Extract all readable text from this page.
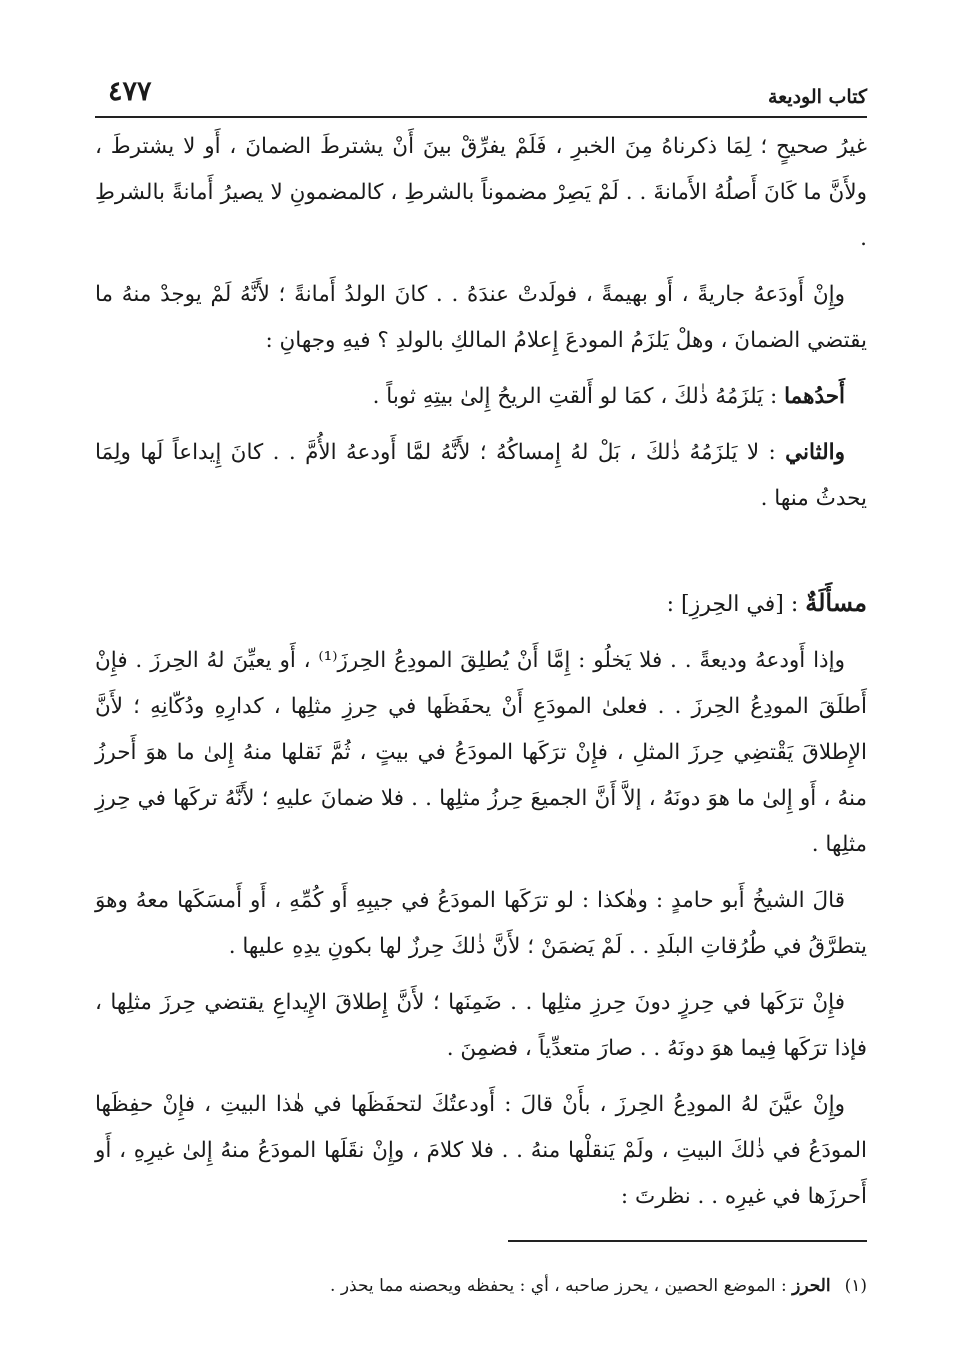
كتاب الوديعة
٤٧٧

غيرُ صحيحٍ ؛ لِمَا ذكرناهُ مِنَ الخبرِ ، فَلَمْ يفرِّقْ بينَ أَنْ يشترطَ الضمانَ ، أَو لا يشترطَ ، ولأَنَّ ما كَانَ أَصلُهُ الأَمانةَ . . لَمْ يَصِرْ مضموناً بالشرطِ ، كالمضمونِ لا يصيرُ أَمانةً بالشرطِ .

وإِنْ أَودَعهُ جاريةً ، أَو بهيمةً ، فولَدتْ عندَهُ . . كانَ الولدُ أَمانةً ؛ لأَنَّهُ لَمْ يوجدْ منهُ ما يقتضي الضمانَ ، وهلْ يَلزَمُ المودعَ إِعلامُ المالكِ بالولدِ ؟ فيهِ وجهانِ :

أَحدُهما : يَلزَمُهُ ذٰلكَ ، كمَا لو أَلقتِ الريحُ إِلىٰ بيتِهِ ثوباً .

والثاني : لا يَلزَمُهُ ذٰلكَ ، بَلْ لهُ إِمساكُهُ ؛ لأَنَّهُ لمَّا أَودعهُ الأُمَّ . . كانَ إِيداعاً لَها ولِمَا يحدثُ منها .

مسأَلَةٌ : [في الحِرزِ] :

وإذا أَودعهُ وديعةً . . فلا يَخلُو : إِمَّا أَنْ يُطلِقَ المودِعُ الحِرزَ⁽¹⁾ ، أَو يعيِّنَ لهُ الحِرزَ . فإِنْ أَطلَقَ المودِعُ الحِرزَ . . فعلىٰ المودَعِ أَنْ يحفَظَها في حِرزِ مثلِها ، كدارِهِ ودُكّانِهِ ؛ لأَنَّ الإِطلاقَ يَقْتضِي حِرزَ المثلِ ، فإِنْ ترَكَها المودَعُ في بيتٍ ، ثُمَّ نَقلها منهُ إِلىٰ ما هوَ أَحرزُ منهُ ، أَو إِلىٰ ما هوَ دونَهُ ، إلاَّ أَنَّ الجميعَ حِرزُ مثلِها . . فلا ضمانَ عليهِ ؛ لأَنَّهُ تركَها في حِرزِ مثلِها .

قالَ الشيخُ أَبو حامدٍ : وهٰكذا : لو ترَكَها المودَعُ في جيبِهِ أَو كُمِّهِ ، أَو أَمسَكَها معهُ وهوَ يتطرَّقُ في طُرُقاتِ البلَدِ . . لَمْ يَضمَنْ ؛ لأَنَّ ذٰلكَ حِرزٌ لها بكونِ يدِهِ عليها .

فإِنْ ترَكَها في حِرزٍ دونَ حِرزِ مثلِها . . ضَمِنَها ؛ لأَنَّ إِطلاقَ الإِيداعِ يقتضي حِرزَ مثلِها ، فإذا ترَكَها فِيما هوَ دونَهُ . . صارَ متعدِّياً ، فضمِنَ .

وإِنْ عيَّنَ لهُ المودِعُ الحِرزَ ، بأَنْ قالَ : أَودعتُكَ لتحفَظَها في هٰذا البيتِ ، فإِنْ حفِظَها المودَعُ في ذٰلكَ البيتِ ، ولَمْ يَنقلْها منهُ . . فلا كلامَ ، وإِنْ نقَلَها المودَعُ منهُ إِلىٰ غيرِهِ ، أَو أَحرزَها في غيرِه . . نظرتَ :

(١)الحرز : الموضع الحصين ، يحرز صاحبه ، أي : يحفظه ويحصنه مما يحذر .
